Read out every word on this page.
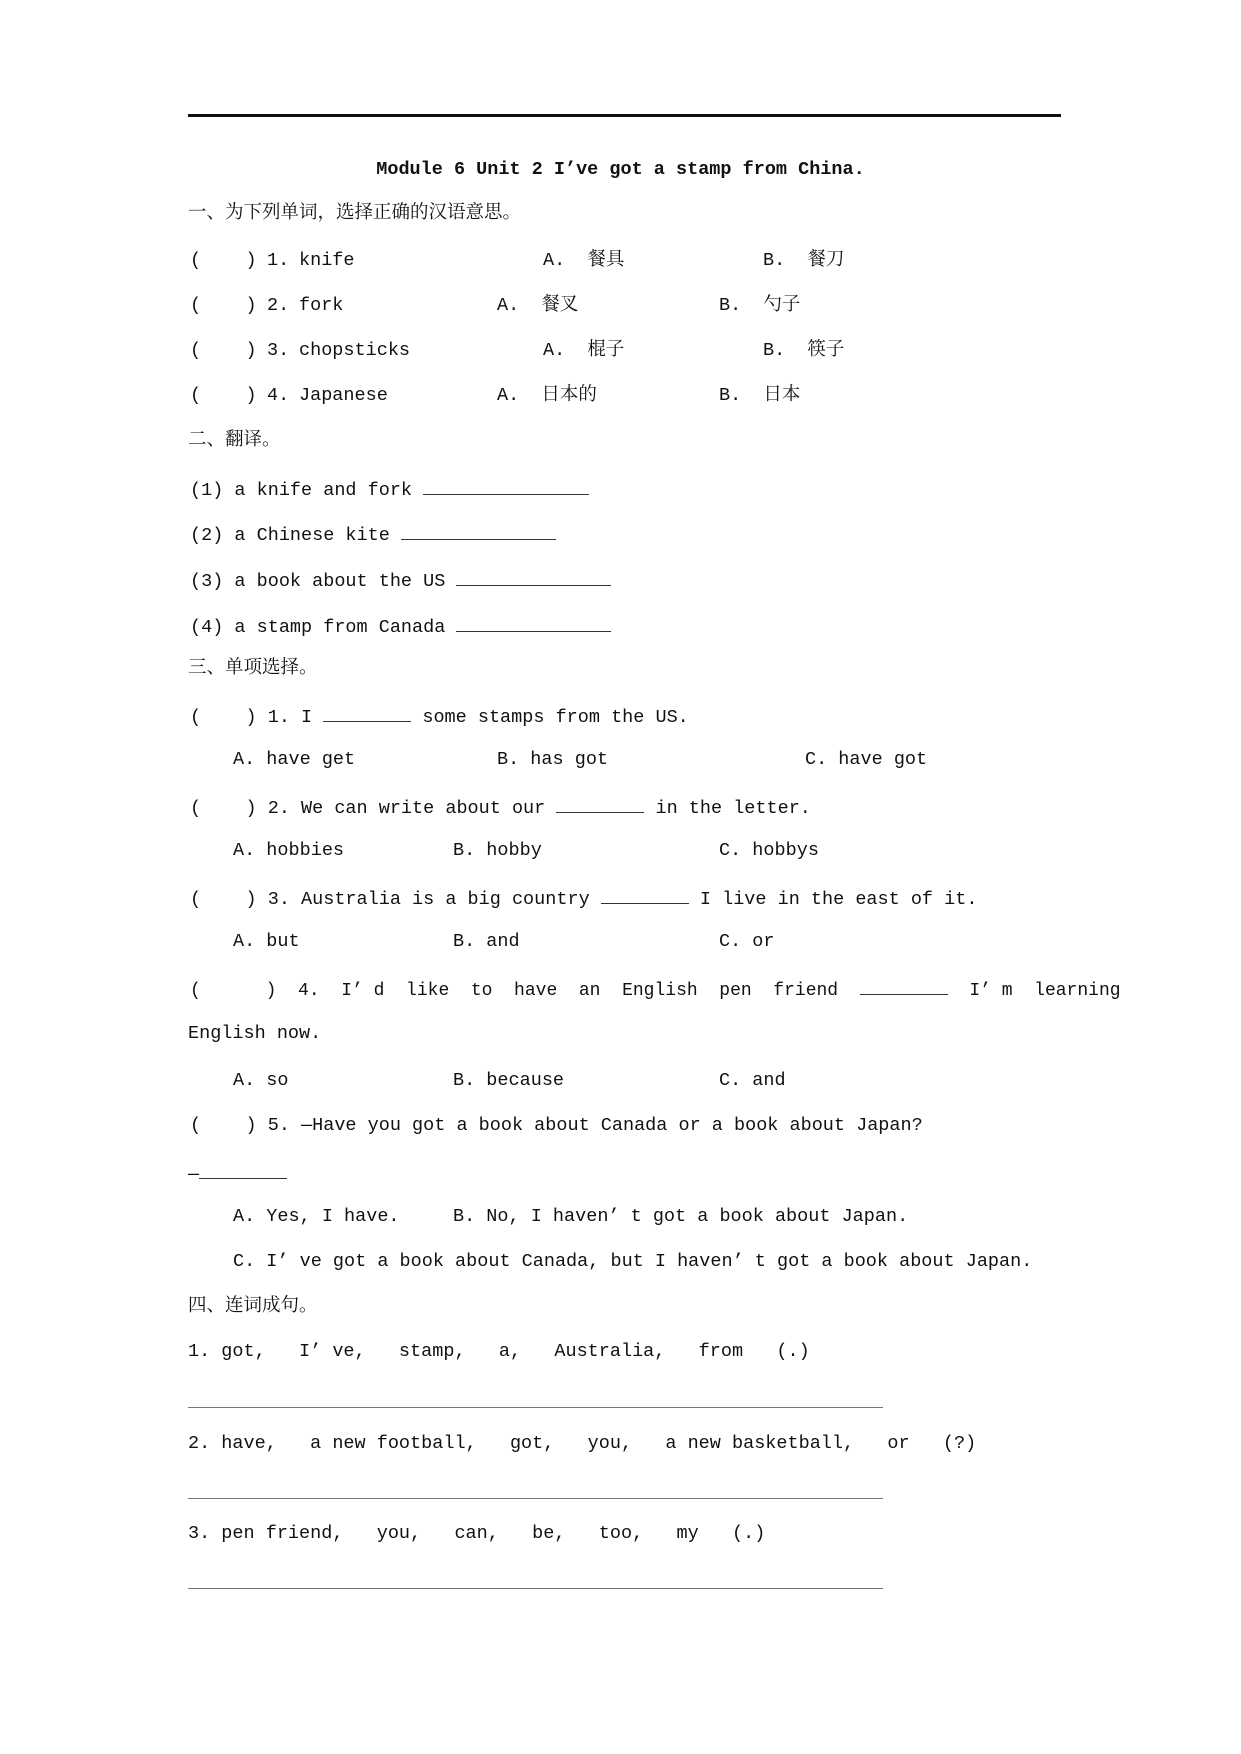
Module 6 Unit 2 I’ve got a stamp from China.
一、为下列单词，选择正确的汉语意思。
(    ) 1. knife	A.  餐具	B.  餐刀
(    ) 2. fork	A.  餐叉	B.  勺子
(    ) 3. chopsticks	A.  棍子	B.  筷子
(    ) 4. Japanese	A.  日本的	B.  日本
二、翻译。
(1) a knife and fork
(2) a Chinese kite
(3) a book about the US
(4) a stamp from Canada
三、单项选择。
(    ) 1. I	some stamps from the US.
A. have get	B. has got	C. have got
(    ) 2. We can write about our	in the letter.
A. hobbies	B. hobby	C. hobbys
(    ) 3. Australia is a big country	I live in the east of it.
A. but	B. and	C. or
(      )  4.  I’ d  like  to  have  an  English  pen  friend	I’ m  learning
English now.
A. so	B. because	C. and
(    ) 5. —Have you got a book about Canada or a book about Japan?
—
A. Yes, I have.	B. No, I haven’ t got a book about Japan.
C. I’ ve got a book about Canada, but I haven’ t got a book about Japan.
四、连词成句。
1. got,   I’ ve,   stamp,   a,   Australia,   from   (.)
2. have,   a new football,   got,   you,   a new basketball,   or   (?)
3. pen friend,   you,   can,   be,   too,   my   (.)
